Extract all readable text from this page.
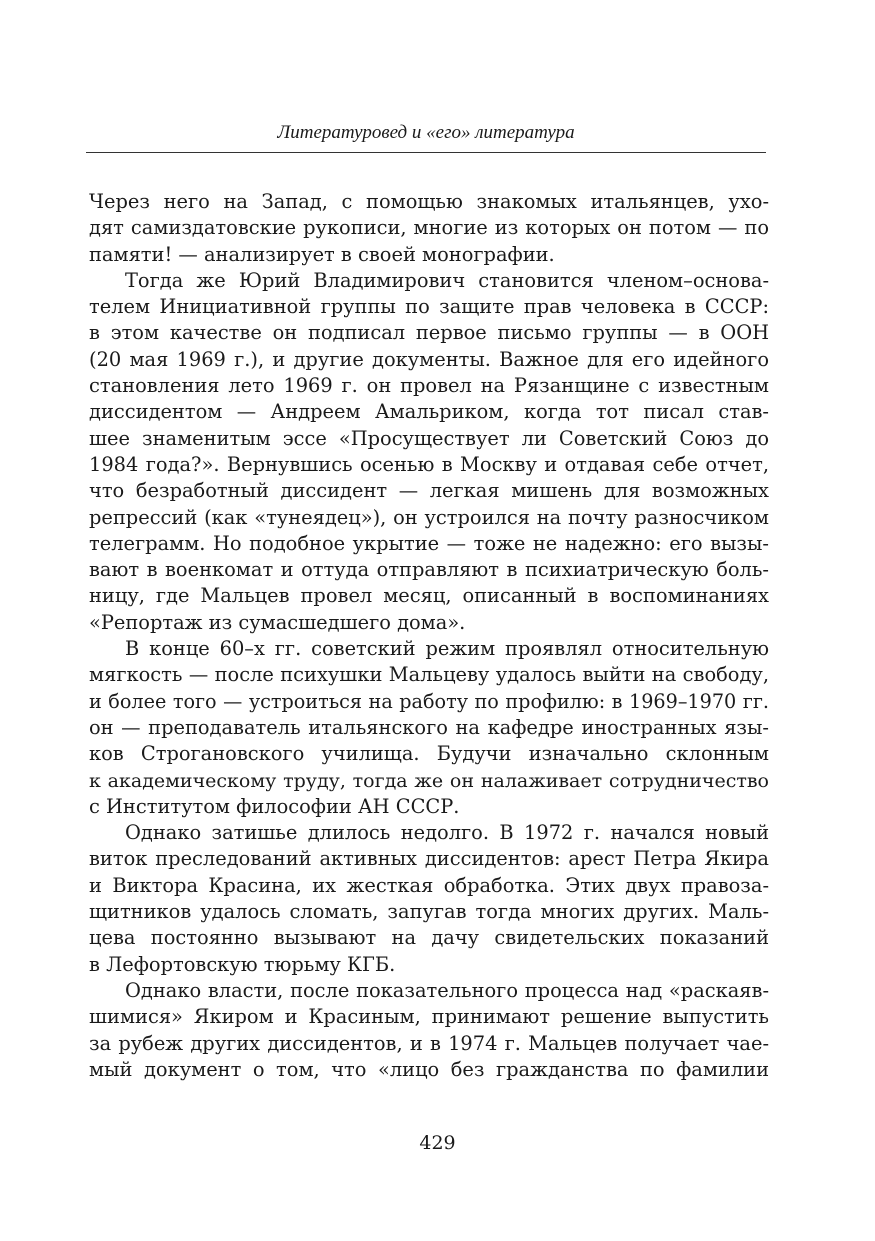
Литературовед и «его» литература
Через него на Запад, с помощью знакомых итальянцев, ухо-
дят самиздатовские рукописи, многие из которых он потом — по
памяти! — анализирует в своей монографии.
Тогда же Юрий Владимирович становится членом–основа-
телем Инициативной группы по защите прав человека в СССР:
в этом качестве он подписал первое письмо группы — в ООН
(20 мая 1969 г.), и другие документы. Важное для его идейного
становления лето 1969 г. он провел на Рязанщине с известным
диссидентом — Андреем Амальриком, когда тот писал став-
шее знаменитым эссе «Просуществует ли Советский Союз до
1984 года?». Вернувшись осенью в Москву и отдавая себе отчет,
что безработный диссидент — легкая мишень для возможных
репрессий (как «тунеядец»), он устроился на почту разносчиком
телеграмм. Но подобное укрытие — тоже не надежно: его вызы-
вают в военкомат и оттуда отправляют в психиатрическую боль-
ницу, где Мальцев провел месяц, описанный в воспоминаниях
«Репортаж из сумасшедшего дома».
В конце 60–х гг. советский режим проявлял относительную
мягкость — после психушки Мальцеву удалось выйти на свободу,
и более того — устроиться на работу по профилю: в 1969–1970 гг.
он — преподаватель итальянского на кафедре иностранных язы-
ков Строгановского училища. Будучи изначально склонным
к академическому труду, тогда же он налаживает сотрудничество
с Институтом философии АН СССР.
Однако затишье длилось недолго. В 1972 г. начался новый
виток преследований активных диссидентов: арест Петра Якира
и Виктора Красина, их жесткая обработка. Этих двух правоза-
щитников удалось сломать, запугав тогда многих других. Маль-
цева постоянно вызывают на дачу свидетельских показаний
в Лефортовскую тюрьму КГБ.
Однако власти, после показательного процесса над «раскаяв-
шимися» Якиром и Красиным, принимают решение выпустить
за рубеж других диссидентов, и в 1974 г. Мальцев получает чае-
мый документ о том, что «лицо без гражданства по фамилии
429
